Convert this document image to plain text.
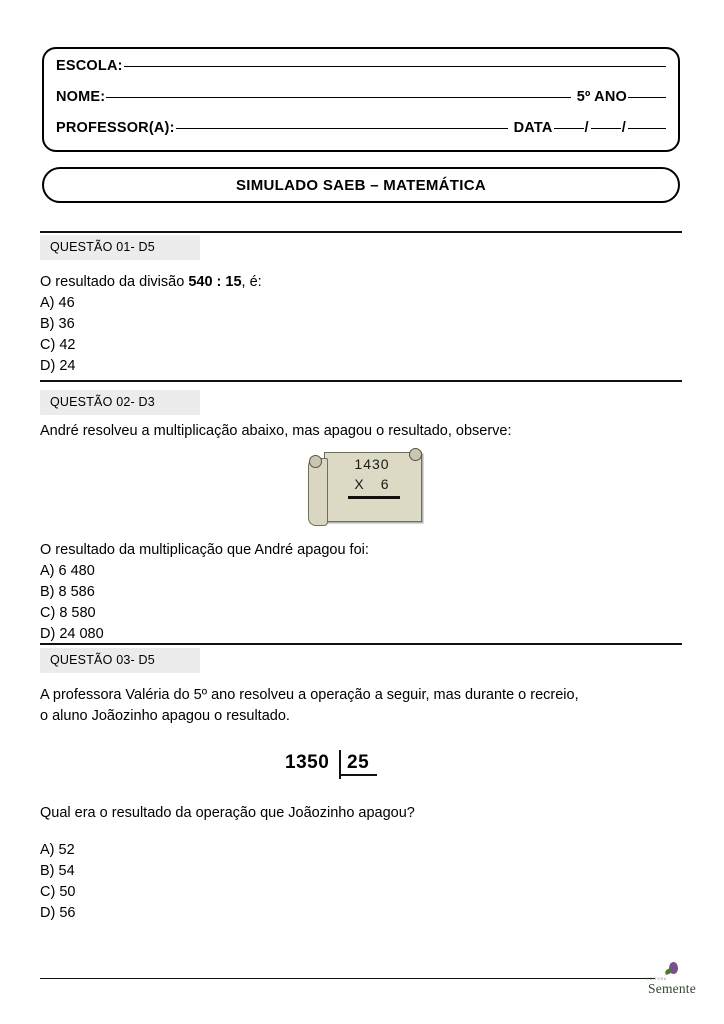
ESCOLA:
NOME:	5º ANO
PROFESSOR(A):	DATA / /
SIMULADO SAEB – MATEMÁTICA
QUESTÃO 01- D5
O resultado da divisão 540 : 15, é:
A) 46
B) 36
C) 42
D) 24
QUESTÃO 02- D3
André resolveu a multiplicação abaixo, mas apagou o resultado, observe:
1430
X 6
O resultado da multiplicação que André apagou foi:
A) 6 480
B) 8 586
C) 8 580
D) 24 080
QUESTÃO 03- D5
A professora Valéria do 5º ano resolveu a operação a seguir, mas durante o recreio,
o aluno Joãozinho apagou o resultado.
1350 25
Qual era o resultado da operação que Joãozinho apagou?
A) 52
B) 54
C) 50
D) 56
EDITORA
Semente
